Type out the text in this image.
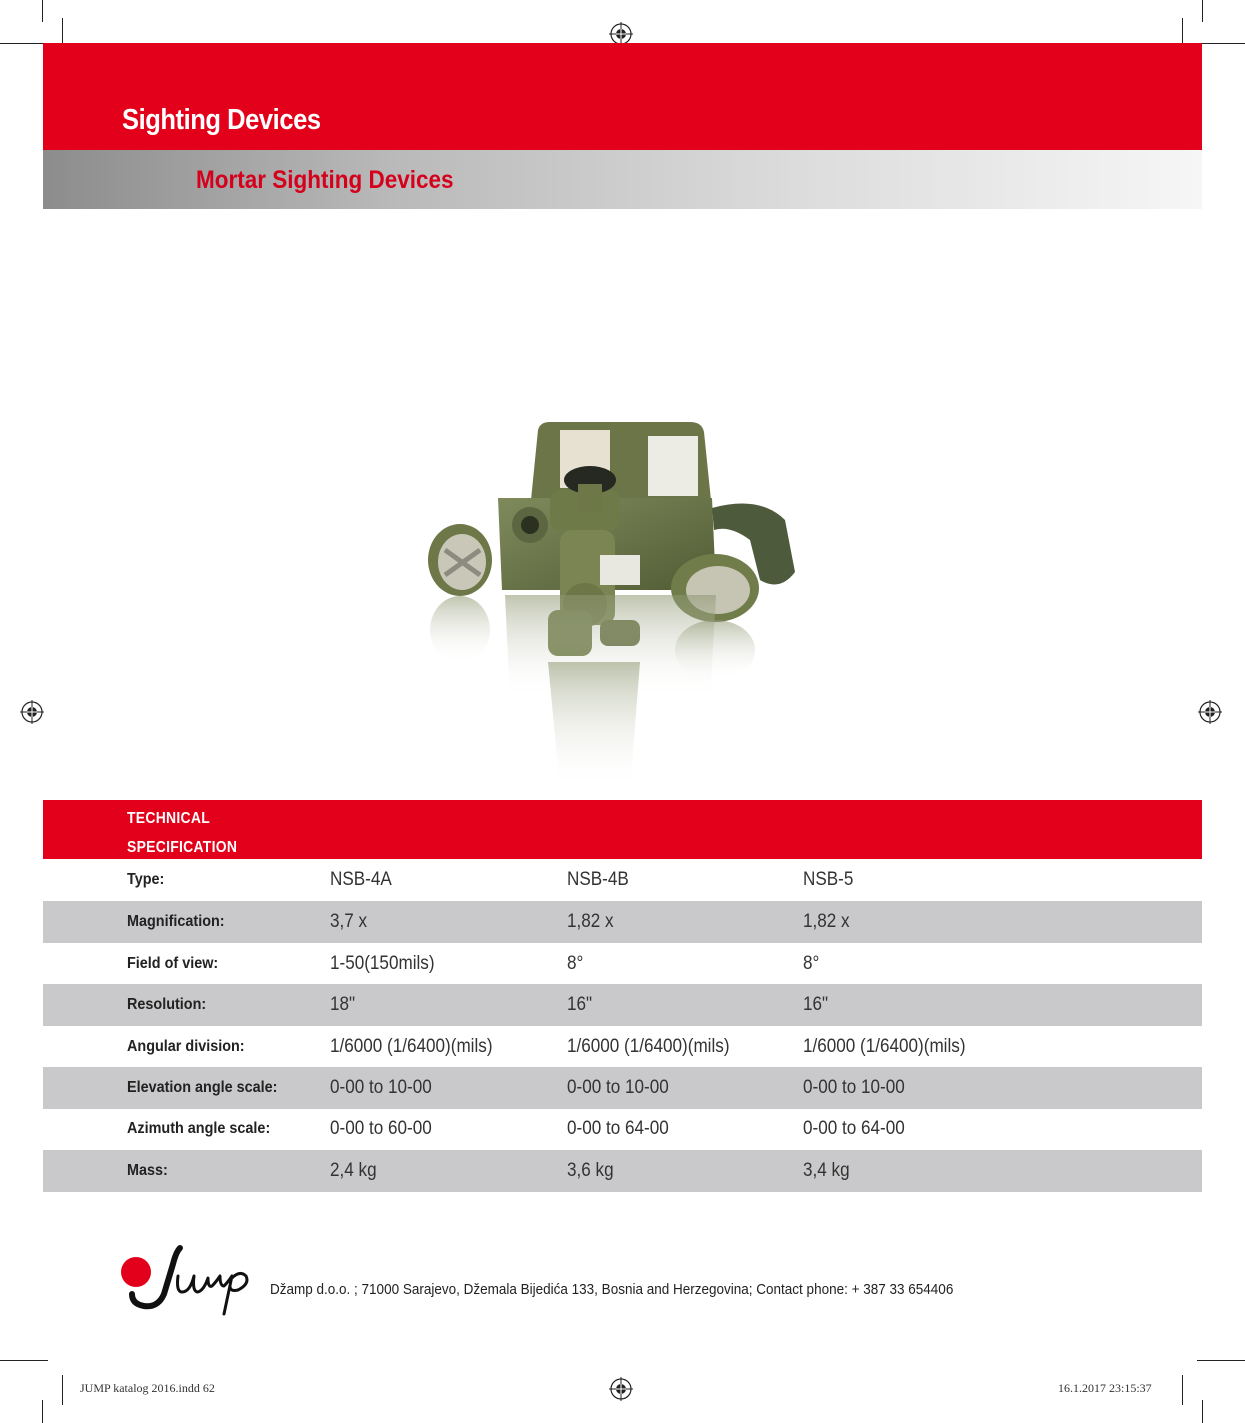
Sighting Devices
Mortar Sighting Devices
TECHNICAL
SPECIFICATION
Type:	NSB-4A	NSB-4B	NSB-5
Magnification:	3,7 x	1,82 x	1,82 x
Field of view:	1-50(150mils)	8°	8°
Resolution:	18"	16"	16"
Angular division:	1/6000 (1/6400)(mils)	1/6000 (1/6400)(mils)	1/6000 (1/6400)(mils)
Elevation angle scale:	0-00 to 10-00	0-00 to 10-00	0-00 to 10-00
Azimuth angle scale:	0-00 to 60-00	0-00 to 64-00	0-00 to 64-00
Mass:	2,4 kg	3,6 kg	3,4 kg
Džamp d.o.o. ; 71000 Sarajevo, Džemala Bijedića 133, Bosnia and Herzegovina; Contact phone: + 387 33 654406
JUMP katalog 2016.indd 62	16.1.2017 23:15:37
